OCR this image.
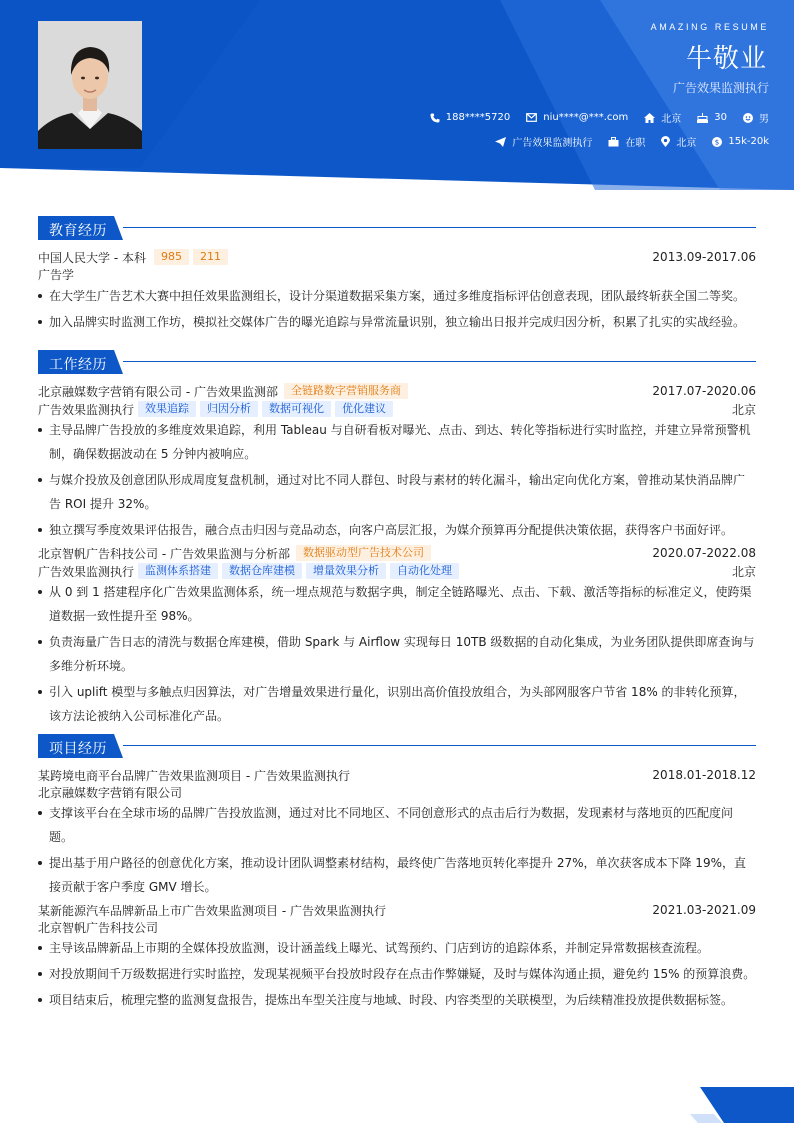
AMAZING RESUME
牛敬业
广告效果监测执行
188****5720	niu****@***.com	北京	30	男
广告效果监测执行	在职	北京	$ 15k-20k
教育经历
中国人民大学 - 本科	985	211	2013.09-2017.06
广告学
在大学生广告艺术大赛中担任效果监测组长，设计分渠道数据采集方案，通过多维度指标评估创意表现，团队最终斩获全国二等奖。
加入品牌实时监测工作坊，模拟社交媒体广告的曝光追踪与异常流量识别，独立输出日报并完成归因分析，积累了扎实的实战经验。
工作经历
北京融媒数字营销有限公司 - 广告效果监测部	全链路数字营销服务商	2017.07-2020.06
广告效果监测执行	效果追踪	归因分析	数据可视化	优化建议	北京
主导品牌广告投放的多维度效果追踪，利用 Tableau 与自研看板对曝光、点击、到达、转化等指标进行实时监控，并建立异常预警机制，确保数据波动在 5 分钟内被响应。
与媒介投放及创意团队形成周度复盘机制，通过对比不同人群包、时段与素材的转化漏斗，输出定向优化方案，曾推动某快消品牌广告 ROI 提升 32%。
独立撰写季度效果评估报告，融合点击归因与竞品动态，向客户高层汇报，为媒介预算再分配提供决策依据，获得客户书面好评。
北京智帆广告科技公司 - 广告效果监测与分析部	数据驱动型广告技术公司	2020.07-2022.08
广告效果监测执行	监测体系搭建	数据仓库建模	增量效果分析	自动化处理	北京
从 0 到 1 搭建程序化广告效果监测体系，统一埋点规范与数据字典，制定全链路曝光、点击、下载、激活等指标的标准定义，使跨渠道数据一致性提升至 98%。
负责海量广告日志的清洗与数据仓库建模，借助 Spark 与 Airflow 实现每日 10TB 级数据的自动化集成，为业务团队提供即席查询与多维分析环境。
引入 uplift 模型与多触点归因算法，对广告增量效果进行量化，识别出高价值投放组合，为头部网服客户节省 18% 的非转化预算，该方法论被纳入公司标准化产品。
项目经历
某跨境电商平台品牌广告效果监测项目 - 广告效果监测执行	2018.01-2018.12
北京融媒数字营销有限公司
支撑该平台在全球市场的品牌广告投放监测，通过对比不同地区、不同创意形式的点击后行为数据，发现素材与落地页的匹配度问题。
提出基于用户路径的创意优化方案，推动设计团队调整素材结构，最终使广告落地页转化率提升 27%，单次获客成本下降 19%，直接贡献于客户季度 GMV 增长。
某新能源汽车品牌新品上市广告效果监测项目 - 广告效果监测执行	2021.03-2021.09
北京智帆广告科技公司
主导该品牌新品上市期的全媒体投放监测，设计涵盖线上曝光、试驾预约、门店到访的追踪体系，并制定异常数据核查流程。
对投放期间千万级数据进行实时监控，发现某视频平台投放时段存在点击作弊嫌疑，及时与媒体沟通止损，避免约 15% 的预算浪费。
项目结束后，梳理完整的监测复盘报告，提炼出车型关注度与地域、时段、内容类型的关联模型，为后续精准投放提供数据标签。
